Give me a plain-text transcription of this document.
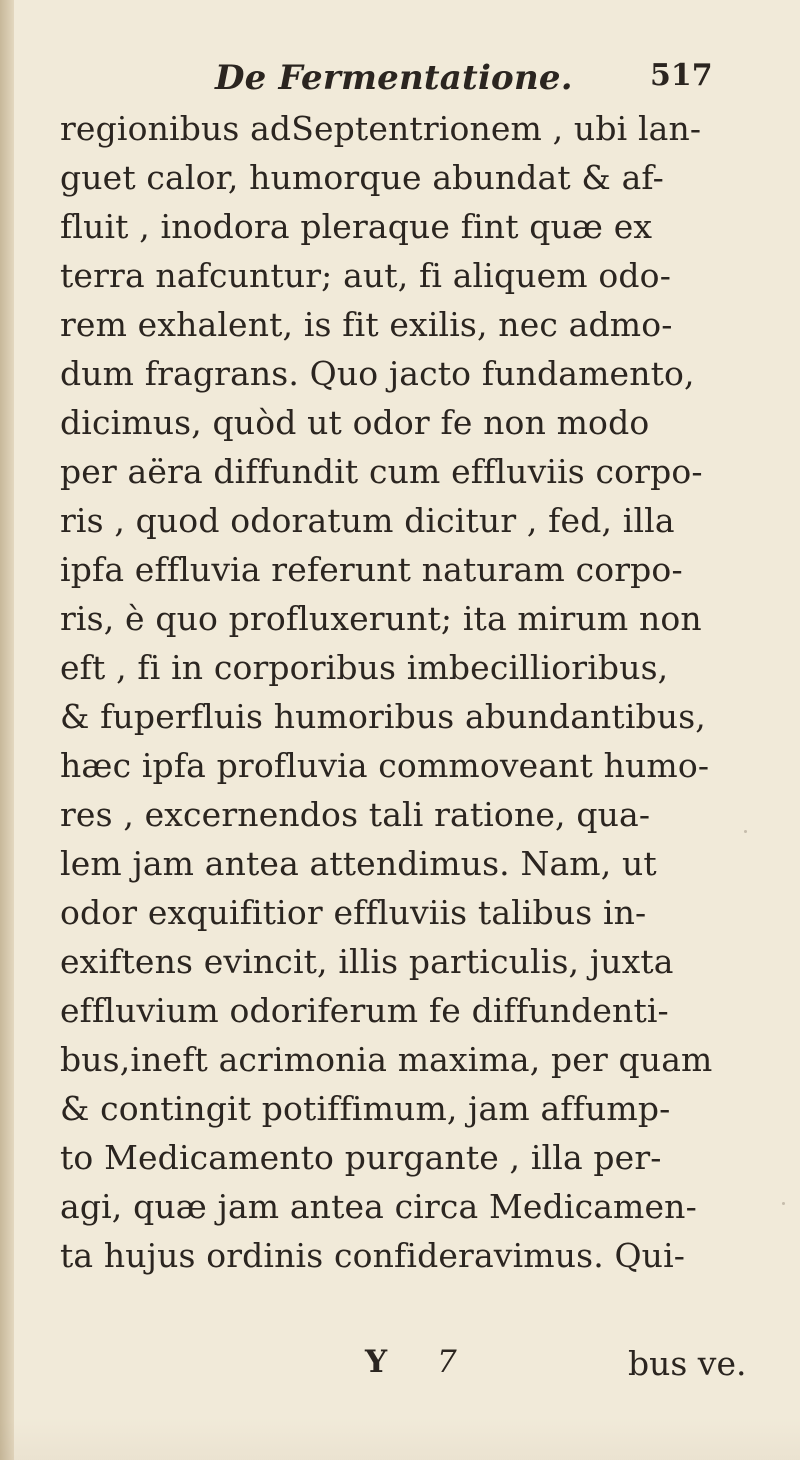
De Fermentatione.	517
regionibus adSeptentrionem , ubi lan-
guet calor, humorque abundat & af-
fluit , inodora pleraque fint quæ ex
terra nafcuntur; aut, fi aliquem odo-
rem exhalent, is fit exilis, nec admo-
dum fragrans. Quo jacto fundamento,
dicimus, quòd ut odor fe non modo
per aëra diffundit cum effluviis corpo-
ris , quod odoratum dicitur , fed, illa
ipfa effluvia referunt naturam corpo-
ris, è quo profluxerunt; ita mirum non
eft , fi in corporibus imbecillioribus,
& fuperfluis humoribus abundantibus,
hæc ipfa profluvia commoveant humo-
res , excernendos tali ratione, qua-
lem jam antea attendimus. Nam, ut
odor exquifitior effluviis talibus in-
exiftens evincit, illis particulis, juxta
effluvium odoriferum fe diffundenti-
bus,ineft acrimonia maxima, per quam
& contingit potiffimum, jam affump-
to Medicamento purgante , illa per-
agi, quæ jam antea circa Medicamen-
ta hujus ordinis confideravimus. Qui-
Y 7	bus ve.
